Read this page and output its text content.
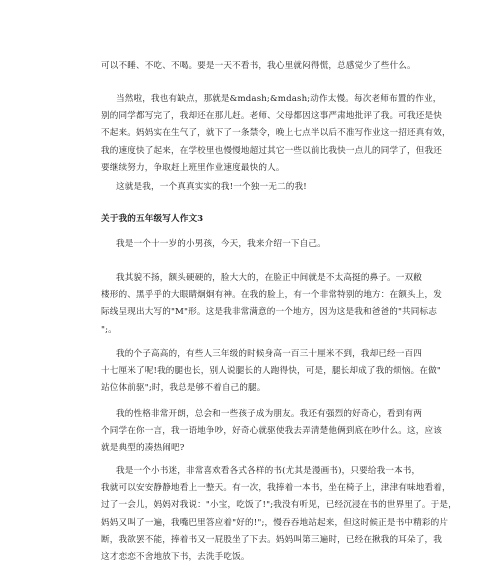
可以不睡、不吃、不喝。要是一天不看书，我心里就闷得慌，总感觉少了些什么。
当然啦，我也有缺点，那就是&mdash;&mdash;动作太慢。每次老师布置的作业，
别的同学都写完了，我却还在那儿赶。老师、父母都因这事严肃地批评了我。可我还是快
不起来。妈妈实在生气了，就下了一条禁令，晚上七点半以后不准写作业这一招还真有效，
我的速度快了起来，在学校里也慢慢地超过其它一些以前比我快一点儿的同学了，但我还
要继续努力，争取赶上班里作业速度最快的人。
这就是我，一个真真实实的我!一个独一无二的我!
关于我的五年级写人作文3
我是一个十一岁的小男孩，今天，我来介绍一下自己。
我其貌不扬，额头硬硬的，脸大大的，在脸正中间就是不太高挺的鼻子。一双敝
楼形的、黑乎乎的大眼睛炯炯有神。在我的脸上，有一个非常特别的地方：在额头上，发
际线呈现出大写的"M"形。这是我非常满意的一个地方，因为这是我和爸爸的"共同标志
";。
我的个子高高的，有些人三年级的时候身高一百三十厘米不到，我却已经一百四
十七厘米了呢!我的腿也长，别人说腿长的人跑得快，可是，腿长却成了我的烦恼。在做"
站位体前驱";时，我总是够不着自己的腿。
我的性格非常开朗，总会和一些孩子成为朋友。我还有强烈的好奇心，看到有两
个同学在你一言，我一语地争吵，好奇心就驱使我去弄清楚他俩到底在吵什么。这，应该
就是典型的凑热闹吧?
我是一个小书迷，非常喜欢看各式各样的书(尤其是漫画书)，只要给我一本书，
我就可以安安静静地看上一整天。有一次，我捧着一本书，坐在椅子上，津津有味地看着，
过了一会儿，妈妈对我说："小宝，吃饭了!";我没有听见，已经沉浸在书的世界里了。于是，
妈妈又叫了一遍，我嘴巴里答应着"好的!";，慢吞吞地站起来，但这时候正是书中精彩的片
断，我欲罢不能，捧着书又一屁股坐了下去。妈妈叫第三遍时，已经在揪我的耳朵了，我
这才恋恋不舍地放下书，去洗手吃饭。
